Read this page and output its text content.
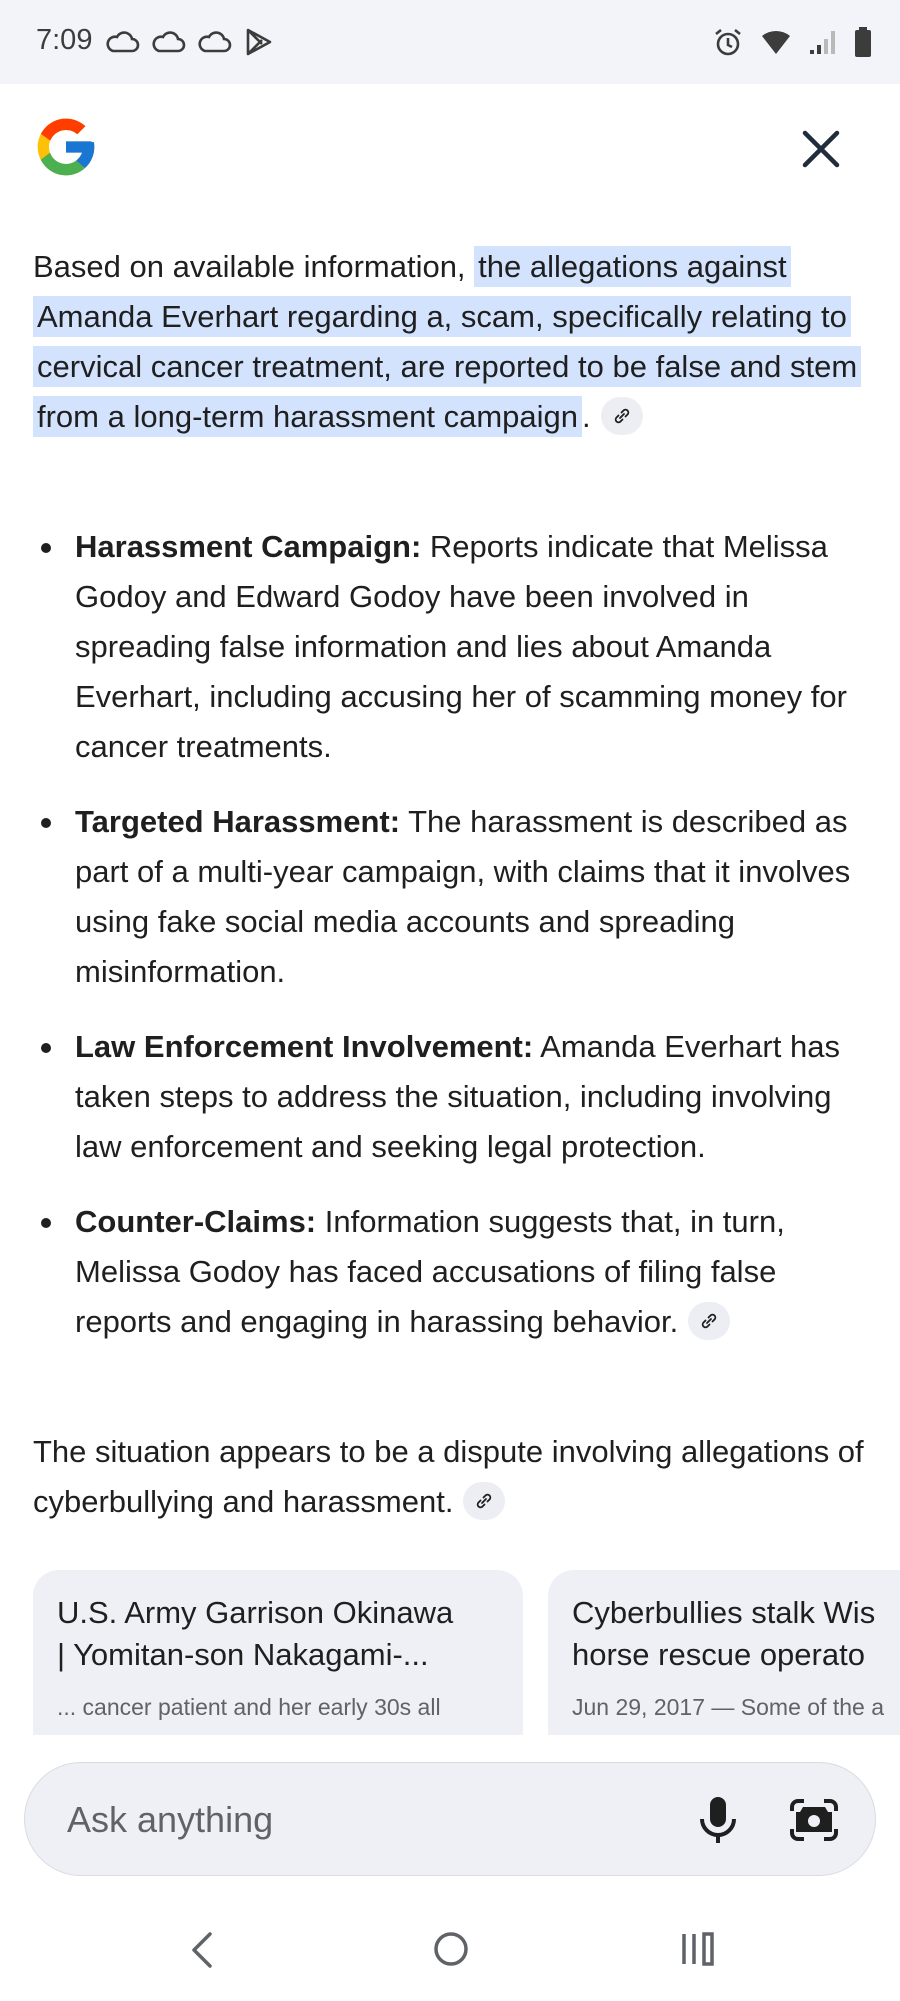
7:09

Based on available information, the allegations against Amanda Everhart regarding a, scam, specifically relating to cervical cancer treatment, are reported to be false and stem from a long-term harassment campaign .

Harassment Campaign: Reports indicate that Melissa Godoy and Edward Godoy have been involved in spreading false information and lies about Amanda Everhart, including accusing her of scamming money for cancer treatments.
Targeted Harassment: The harassment is described as part of a multi-year campaign, with claims that it involves using fake social media accounts and spreading misinformation.
Law Enforcement Involvement: Amanda Everhart has taken steps to address the situation, including involving law enforcement and seeking legal protection.
Counter-Claims: Information suggests that, in turn, Melissa Godoy has faced accusations of filing false reports and engaging in harassing behavior.

The situation appears to be a dispute involving allegations of cyberbullying and harassment.

U.S. Army Garrison Okinawa
| Yomitan-son Nakagami-...
... cancer patient and her early 30s all
Cyberbullies stalk Wis
horse rescue operato
Jun 29, 2017 — Some of the a
Ask anything
